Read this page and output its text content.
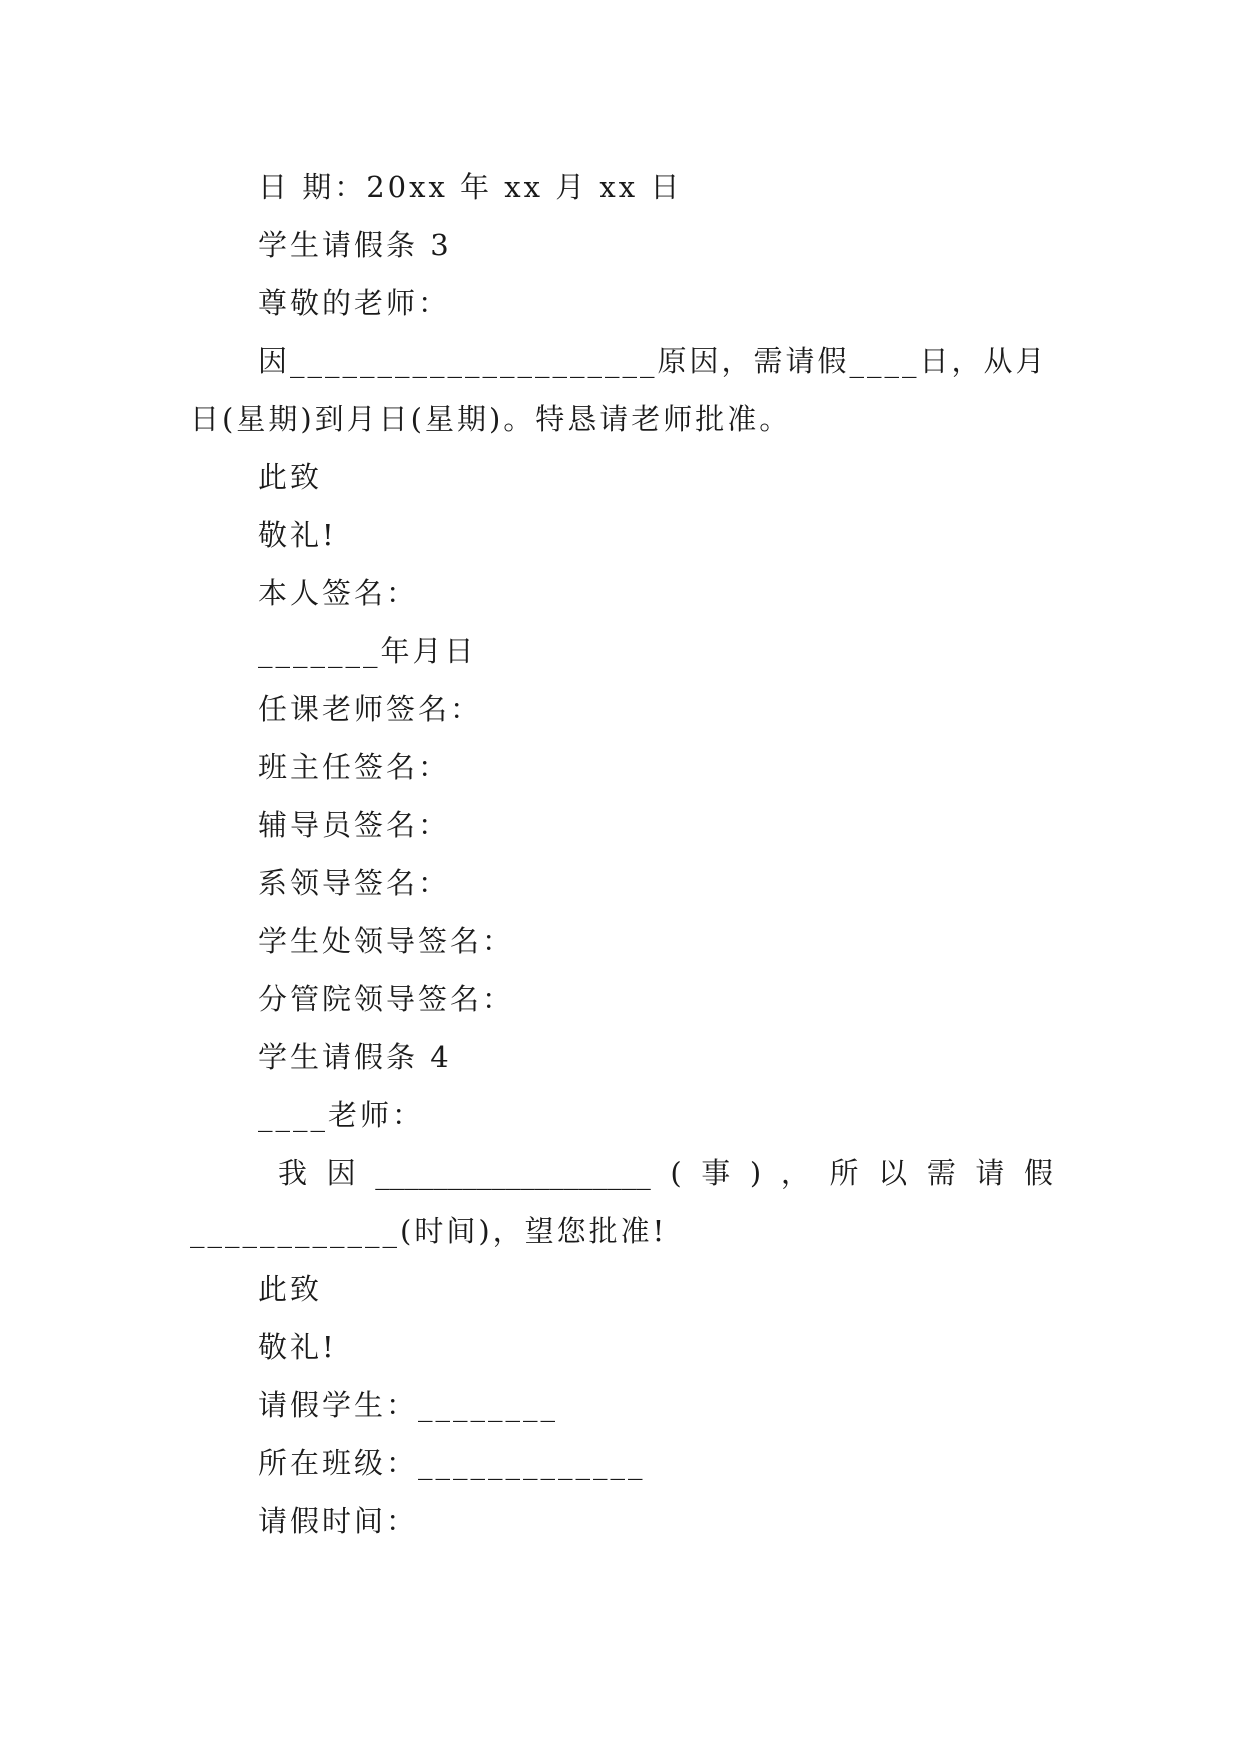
日 期：20xx 年 xx 月 xx 日
学生请假条 3
尊敬的老师：
因_____________________原因，需请假____日，从月
日(星期)到月日(星期)。特恳请老师批准。
此致
敬礼!
本人签名：
_______年月日
任课老师签名：
班主任签名：
辅导员签名：
系领导签名：
学生处领导签名：
分管院领导签名：
学生请假条 4
____老师：
我 因 ___________________ ( 事 ) ， 所 以 需 请 假
____________(时间)，望您批准!
此致
敬礼!
请假学生：________
所在班级：_____________
请假时间：
